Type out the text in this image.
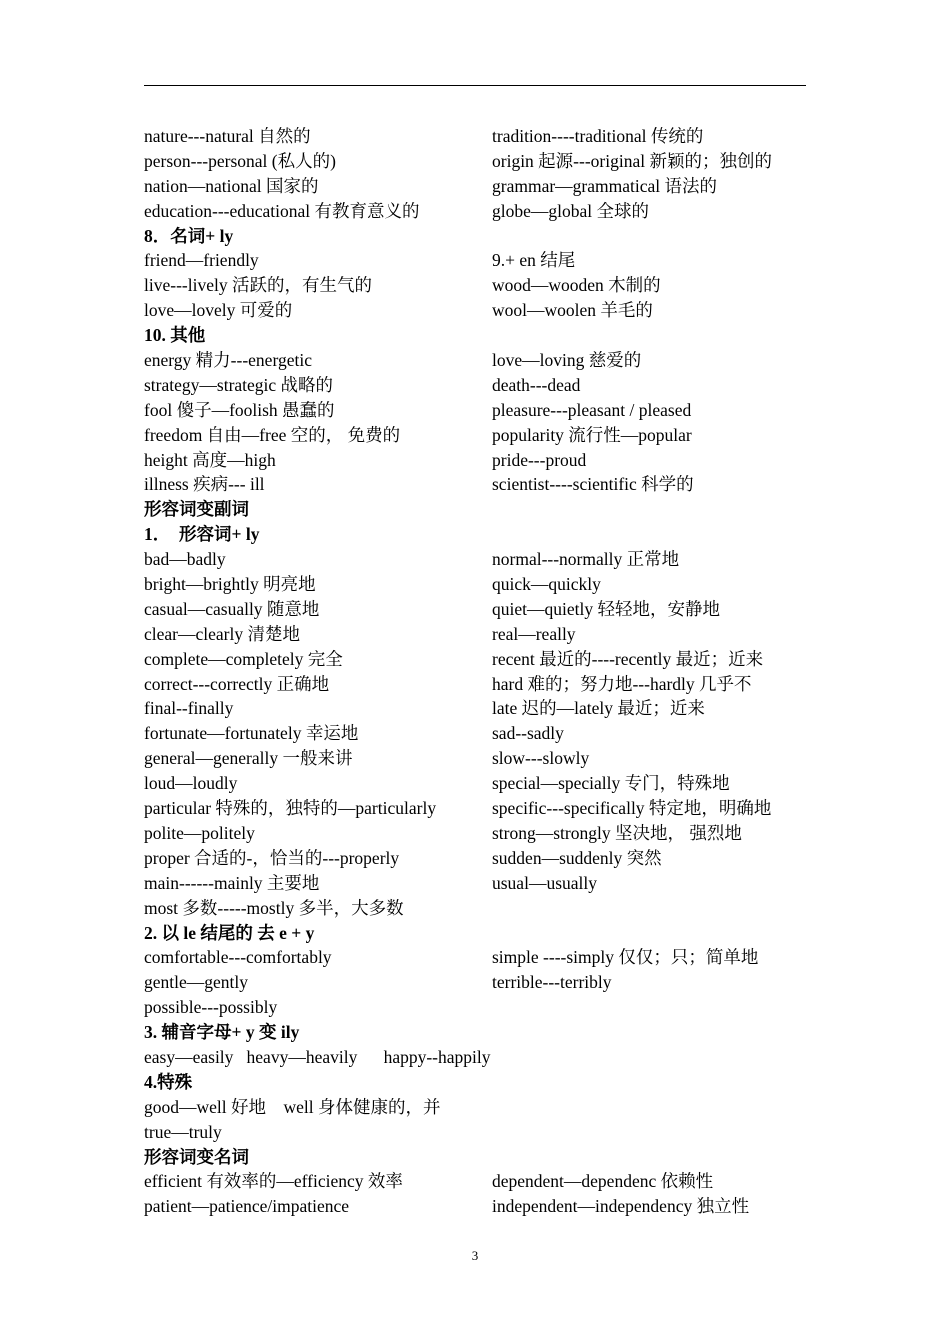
nature---natural 自然的	tradition----traditional 传统的
person---personal (私人的)	origin 起源---original 新颖的；独创的
nation—national 国家的	grammar—grammatical 语法的
education---educational 有教育意义的	globe—global 全球的
8．名词+ ly
friend—friendly	9.+ en 结尾
live---lively 活跃的，有生气的	wood—wooden 木制的
love—lovely 可爱的	wool—woolen 羊毛的
10. 其他
energy 精力---energetic	love—loving 慈爱的
strategy—strategic 战略的	death---dead
fool 傻子—foolish 愚蠢的	pleasure---pleasant / pleased
freedom 自由—free 空的， 免费的	popularity 流行性—popular
height 高度—high	pride---proud
illness 疾病--- ill	scientist----scientific 科学的
形容词变副词
1．  形容词+ ly
bad—badly	normal---normally 正常地
bright—brightly 明亮地	quick—quickly
casual—casually 随意地	quiet—quietly 轻轻地，安静地
clear—clearly 清楚地	real—really
complete—completely 完全	recent 最近的----recently 最近；近来
correct---correctly 正确地	hard 难的；努力地---hardly 几乎不
final--finally	late 迟的—lately 最近；近来
fortunate—fortunately 幸运地	sad--sadly
general—generally 一般来讲	slow---slowly
loud—loudly	special—specially 专门，特殊地
particular 特殊的，独特的—particularly	specific---specifically 特定地，明确地
polite—politely	strong—strongly 坚决地， 强烈地
proper 合适的-，恰当的---properly	sudden—suddenly 突然
main------mainly 主要地	usual—usually
most 多数-----mostly 多半，大多数
2. 以 le 结尾的 去 e + y
comfortable---comfortably	simple ----simply 仅仅；只；简单地
gentle—gently	terrible---terribly
possible---possibly
3. 辅音字母+ y 变 ily
easy—easily   heavy—heavily      happy--happily
4.特殊
good—well 好地    well 身体健康的，并
true—truly
形容词变名词
efficient 有效率的—efficiency 效率	dependent—dependenc 依赖性
patient—patience/impatience	independent—independency 独立性
3
